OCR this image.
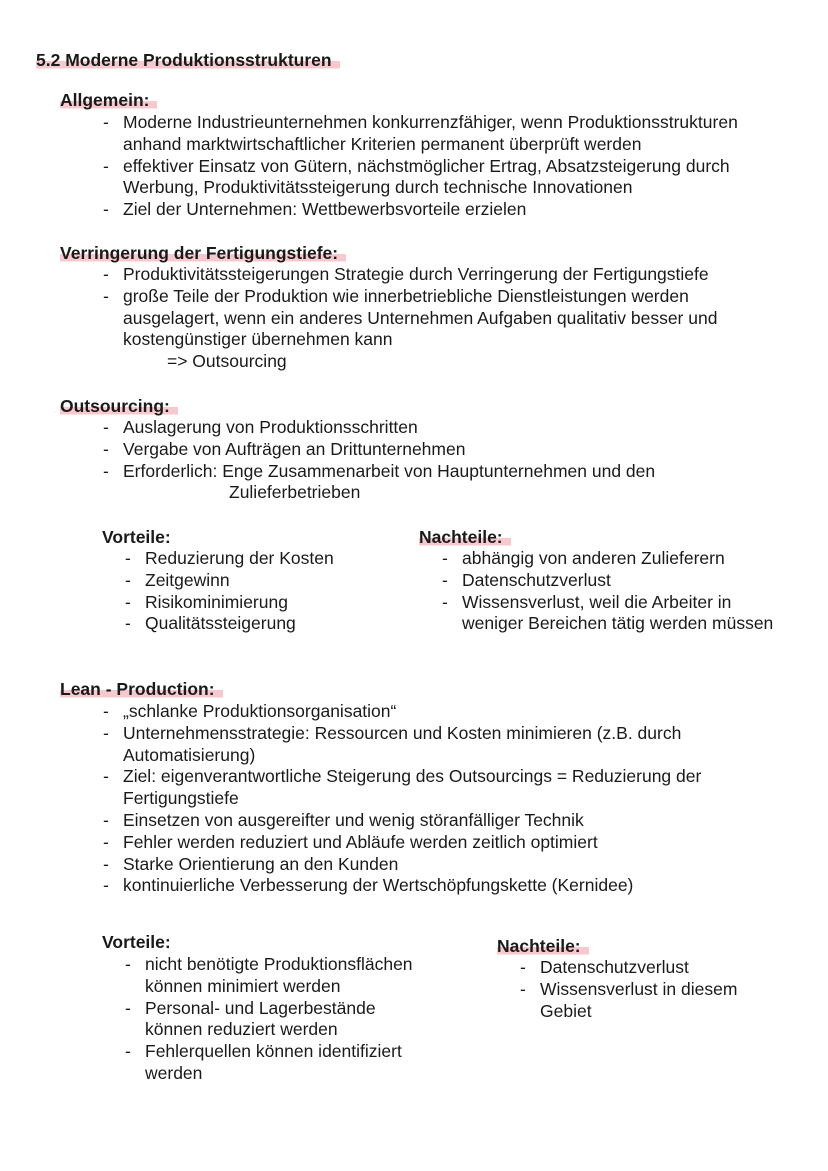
5.2 Moderne Produktionsstrukturen
Allgemein:
- Moderne Industrieunternehmen konkurrenzfähiger, wenn Produktionsstrukturen
anhand marktwirtschaftlicher Kriterien permanent überprüft werden
- effektiver Einsatz von Gütern, nächstmöglicher Ertrag, Absatzsteigerung durch
Werbung, Produktivitätssteigerung durch technische Innovationen
- Ziel der Unternehmen: Wettbewerbsvorteile erzielen
Verringerung der Fertigungstiefe:
- Produktivitätssteigerungen Strategie durch Verringerung der Fertigungstiefe
- große Teile der Produktion wie innerbetriebliche Dienstleistungen werden
ausgelagert, wenn ein anderes Unternehmen Aufgaben qualitativ besser und
kostengünstiger übernehmen kann
=> Outsourcing
Outsourcing:
- Auslagerung von Produktionsschritten
- Vergabe von Aufträgen an Drittunternehmen
- Erforderlich: Enge Zusammenarbeit von Hauptunternehmen und den
Zulieferbetrieben
Vorteile:
- Reduzierung der Kosten
- Zeitgewinn
- Risikominimierung
- Qualitätssteigerung
Nachteile:
- abhängig von anderen Zulieferern
- Datenschutzverlust
- Wissensverlust, weil die Arbeiter in
weniger Bereichen tätig werden müssen
Lean - Production:
- „schlanke Produktionsorganisation“
- Unternehmensstrategie: Ressourcen und Kosten minimieren (z.B. durch
Automatisierung)
- Ziel: eigenverantwortliche Steigerung des Outsourcings = Reduzierung der
Fertigungstiefe
- Einsetzen von ausgereifter und wenig störanfälliger Technik
- Fehler werden reduziert und Abläufe werden zeitlich optimiert
- Starke Orientierung an den Kunden
- kontinuierliche Verbesserung der Wertschöpfungskette (Kernidee)
Vorteile:
- nicht benötigte Produktionsflächen
können minimiert werden
- Personal- und Lagerbestände
können reduziert werden
- Fehlerquellen können identifiziert
werden
Nachteile:
- Datenschutzverlust
- Wissensverlust in diesem
Gebiet
